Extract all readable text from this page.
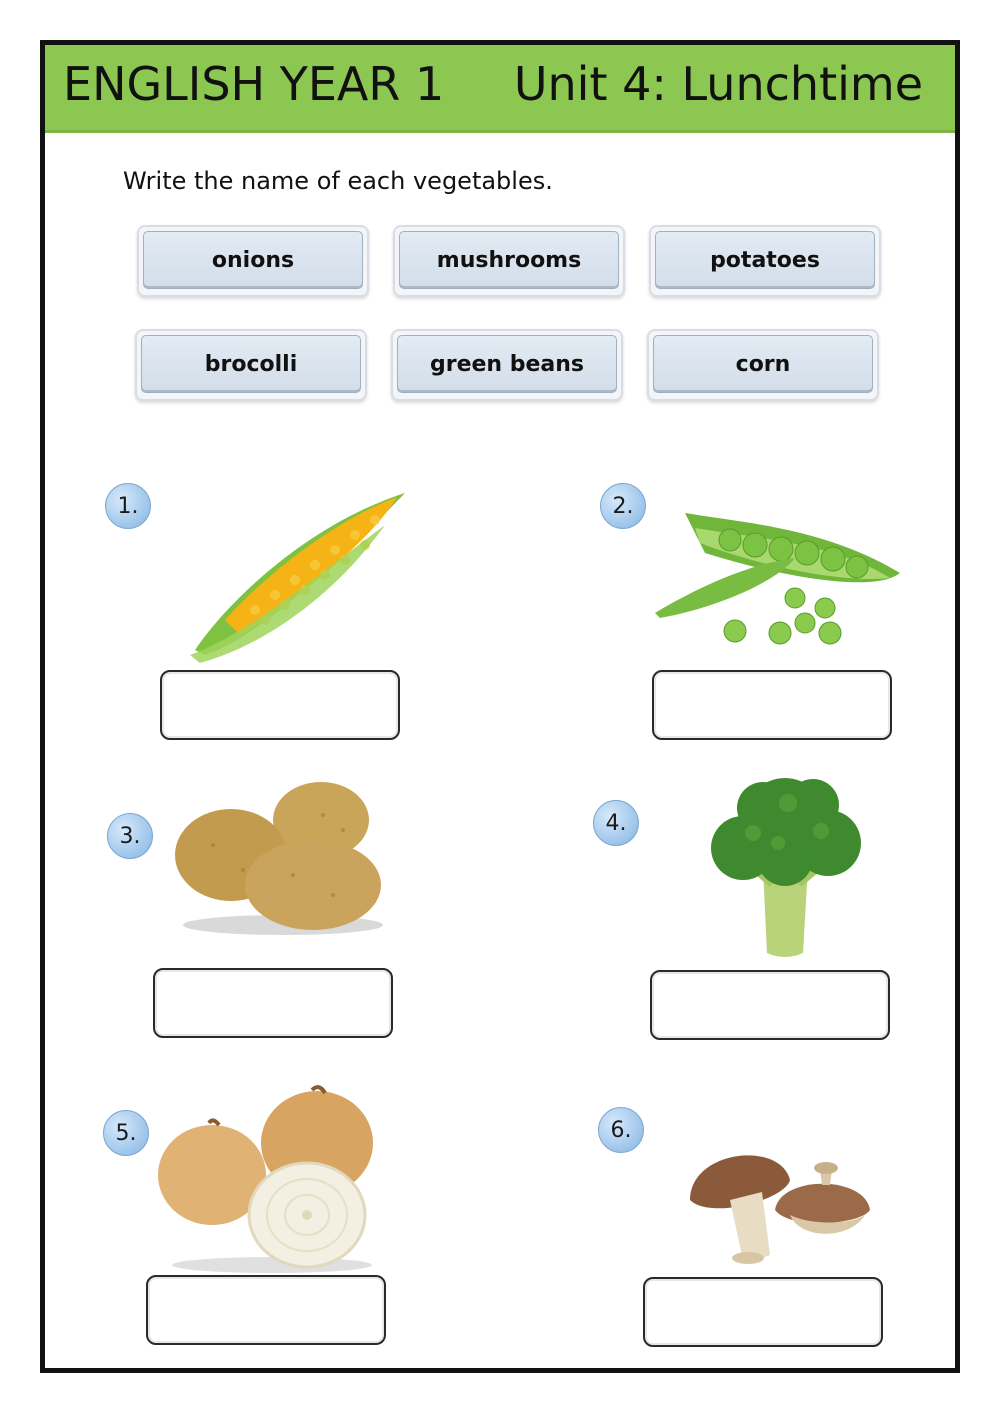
ENGLISH YEAR 1 Unit 4: Lunchtime
Write the name of each vegetables.
onions	mushrooms	potatoes
brocolli	green beans	corn
1.	2.
3.
4.
5.	6.
